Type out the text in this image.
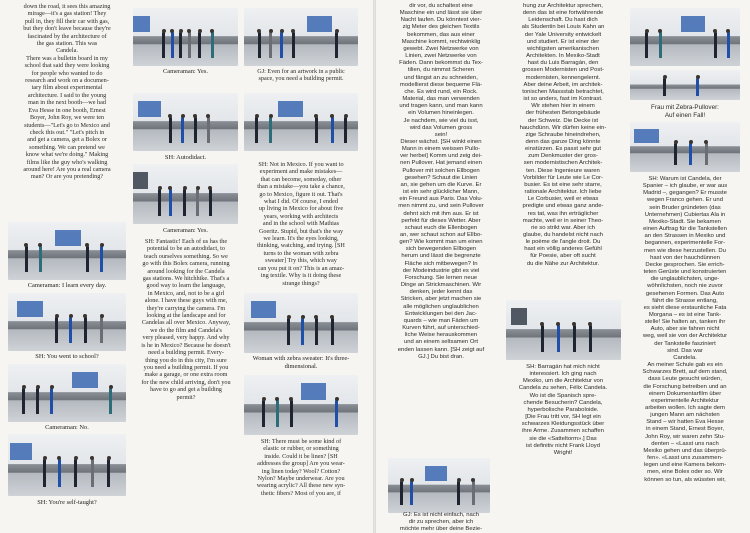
down the road, it sees this amazing

mirage—it's a gas station! They

pull in, they fill their car with gas,

but they don't leave because they're

fascinated by the architecture of

the gas station. This was

Candela.

There was a bulletin board in my

school that said they were looking

for people who wanted to do

research and work on a documen-

tary film about experimental

architecture. I said to the young

man in the next booth—we had

Eva Hesse in one booth, Ernest

Boyer, John Roy, we were ten

students—"Let's go to Mexico and

check this out." "Let's pitch in

and get a camera, get a Bolex or

something. We can pretend we

know what we're doing." Making

films like the guy who's walking

around here! Are you a real camera

man? Or are you pretending?

Cameraman: Yes.	GJ: Even for an artwork in a public

space, you need a building permit.

SH: Autodidact.
Cameraman: Yes.

SH: Not in Mexico. If you want to

experiment and make mistakes—

that can become, someday, other

than a mistake—you take a chance,

go to Mexico, figure it out. That's

what I did. Of course, I ended

up living in Mexico for about five

years, working with architects

and in the school with Mathias

Goeritz. Stupid, but that's the way

we learn. It's the eyes looking,

thinking, watching, and trying. [SH

turns to the woman with zebra

sweater] Try this, which way

can you put it on? This is an amaz-

ing textile. Why is it doing these

strange things?

Cameraman: I learn every day.
SH: You went to school?
Cameraman: No.
SH: You're self-taught?

SH: Fantastic! Each of us has the

potential to be an autodidact, to

teach ourselves something. So we

go with this Bolex camera, running

around looking for the Candela

gas stations. We hitchhike. That's a

good way to learn the language,

in Mexico, and, not to be a girl

alone. I have these guys with me,

they're carrying the camera. I'm

looking at the landscape and for

Candelas all over Mexico. Anyway,

we do the film and Candela's

very pleased, very happy. And why

is he in Mexico? Because he doesn't

need a building permit. Every-

thing you do in this city, I'm sure

you need a building permit. If you

make a garage, or one extra room

for the new child arriving, don't you

have to go and get a building

permit?

Woman with zebra sweater: It's three-dimensional.

SH: There must be some kind of

elastic or rubber, or something

inside. Could it be linen? [SH

addresses the group] Are you wear-

ing linen today? Wool? Cotton?

Nylon? Maybe underwear. Are you

wearing acrylic? All these new syn-

thetic fibers? Most of you are, if

dir vor, du schaltest eine

Maschine ein und lässt sie über

Nacht laufen. Du könntest vier-

zig Meter des gleichen Textils

bekommen, das aus einer

Maschine kommt, rechtwinklig

gewebt. Zwei Netzwerke von

Linien, zwei Netzwerke von

Fäden. Dann bekommst du Tex-

tilien, du nimmst Scheren

und fängst an zu schneiden,

modellierst diese bequeme Flä-

che. Es wird rund, ein Rock.

Material, das man verwenden

und tragen kann, und man kann

ein Volumen hineinlegen.

Je nachdem, wie viel du isst,

wird das Volumen gross

sein!

Dieser wächst. [SH winkt einen

Mann in einem weissen Pullo-

ver herbei] Komm und zeig dei-

nen Pullover. Hat jemand einen

Pullover mit solchen Ellbogen

gesehen? Schaut die Linien

an, sie gehen um die Kurve. Er

ist ein sehr glücklicher Mann,

ein Freund aus Paris. Das Volu-

men nimmt zu, und sein Pullover

dehnt sich mit ihm aus. Er ist

perfekt für dieses Wetter. Aber

schaut euch die Ellenbogen

an, wer schaut schon auf Ellbo-

gen? Wie kommt man um einen

sich bewegenden Ellbogen

herum und lässt die begrenzte

Fläche sich mitbewegen? In

der Modeindustrie gibt es viel

Forschung. Sie lernen neue

Dinge an Strickmaschinen. Wir

denken, jeder kennt das

Stricken, aber jetzt machen sie

alle möglichen unglaublichen

Entwicklungen bei den Jac-

quards – wie man Fäden um

Kurven führt, auf unterschied-

liche Weise herauskommen

und an einem seltsamen Ort

enden lassen kann. [SH zeigt auf

GJ.] Du bist dran.

GJ: Es ist nicht einfach, nach

dir zu sprechen, aber ich

möchte mehr über deine Bezie-

hung zur Architektur sprechen,

denn das ist eine fortwährende

Leidenschaft. Du hast dich

als Studentin bei Louis Kahn an

der Yale University entwickelt

und studiert. Er ist einer der

wichtigsten amerikanischen

Architekten. In Mexiko-Stadt

hast du Luis Barragán, den

grossen Modernisten und Post-

modernisten, kennengelernt.

Aber deine Arbeit, im architek-

tonischen Massstab betrachtet,

ist so anders, fast im Kontrast.

Wir stehen hier in einem

der frühesten Betongebäude

der Schweiz. Die Decke ist

hauchdünn. Wir dürfen keine ein-

zige Schraube hineindrehen,

denn das ganze Ding könnte

einstürzen. Es passt sehr gut

zum Denkmuster der gros-

sen modernistischen Architek-

ten. Diese Ingenieure waren

Vorbilder für Leute wie Le Cor-

busier. Es ist eine sehr starre,

rationale Architektur. Ich liebe

Le Corbusier, weil er etwas

predigte und etwas ganz ande-

res tat, was ihn erträglicher

machte, weil er in seiner Theo-

rie so strikt war. Aber ich

glaube, du handelst nicht nach

le poème de l'angle droit. Du

hast ein völlig anderes Gefühl

für Poesie, aber oft sucht

du die Nähe zur Architektur.

SH: Barragán hat mich nicht

interessiert. Ich ging nach

Mexiko, um die Architektur von

Candela zu sehen, Félix Candela.

Wo ist die Spanisch spre-

chende Besucherin? Candela,

hyperbolische Paraboloide.

[Die Frau tritt vor, SH legt ein

schwarzes Kleidungsstück über

ihre Arme. Zusammen schaffen

sie die «Satteltorm».] Das

ist definitiv nicht Frank Lloyd

Wright!

Frau mit Zebra-Pullover:

Auf einen Fall!

SH: Warum ist Candela, der

Spanier – ich glaube, er war aus

Madrid –, gegangen? Er musste

wegen Franco gehen. Er und

sein Bruder gründeten (das

Unternehmen) Cubiertas Ala in

Mexiko-Stadt. Sie bekamen

einen Auftrag für die Tankstellen

an den Strassen in Mexiko und

begannen, experimentelle For-

men wie diese herzustellen. Du

hast von der hauchdünnen

Decke gesprochen. Sie errich-

teten Gerüste und konstruierten

die unglaublichsten, unge-

wöhnlichsten, noch nie zuvor

gesehenen Formen. Das Auto

fährt die Strasse entlang,

es sieht diese erstaunliche Fata

Morgana – es ist eine Tank-

stelle! Sie halten an, tanken ihr

Auto, aber sie fahren nicht

weg, weil sie von der Architektur

der Tankstelle fasziniert

sind. Das war

Candela.

An meiner Schule gab es ein

Schwarzes Brett, auf dem stand,

dass Leute gesucht würden,

die Forschung betreiben und an

einem Dokumentarfilm über

experimentelle Architektur

arbeiten wollen. Ich sagte dem

jungen Mann am nächsten

Stand – wir hatten Eva Hesse

in einem Stand, Ernest Boyer,

John Roy, wir waren zehn Stu-

denten – «Lasst uns nach

Mexiko gehen und das überprü-

fen». «Lasst uns zusammen-

legen und eine Kamera bekom-

men, eine Bolex oder so. Wir

können so tun, als wüssten wir,
